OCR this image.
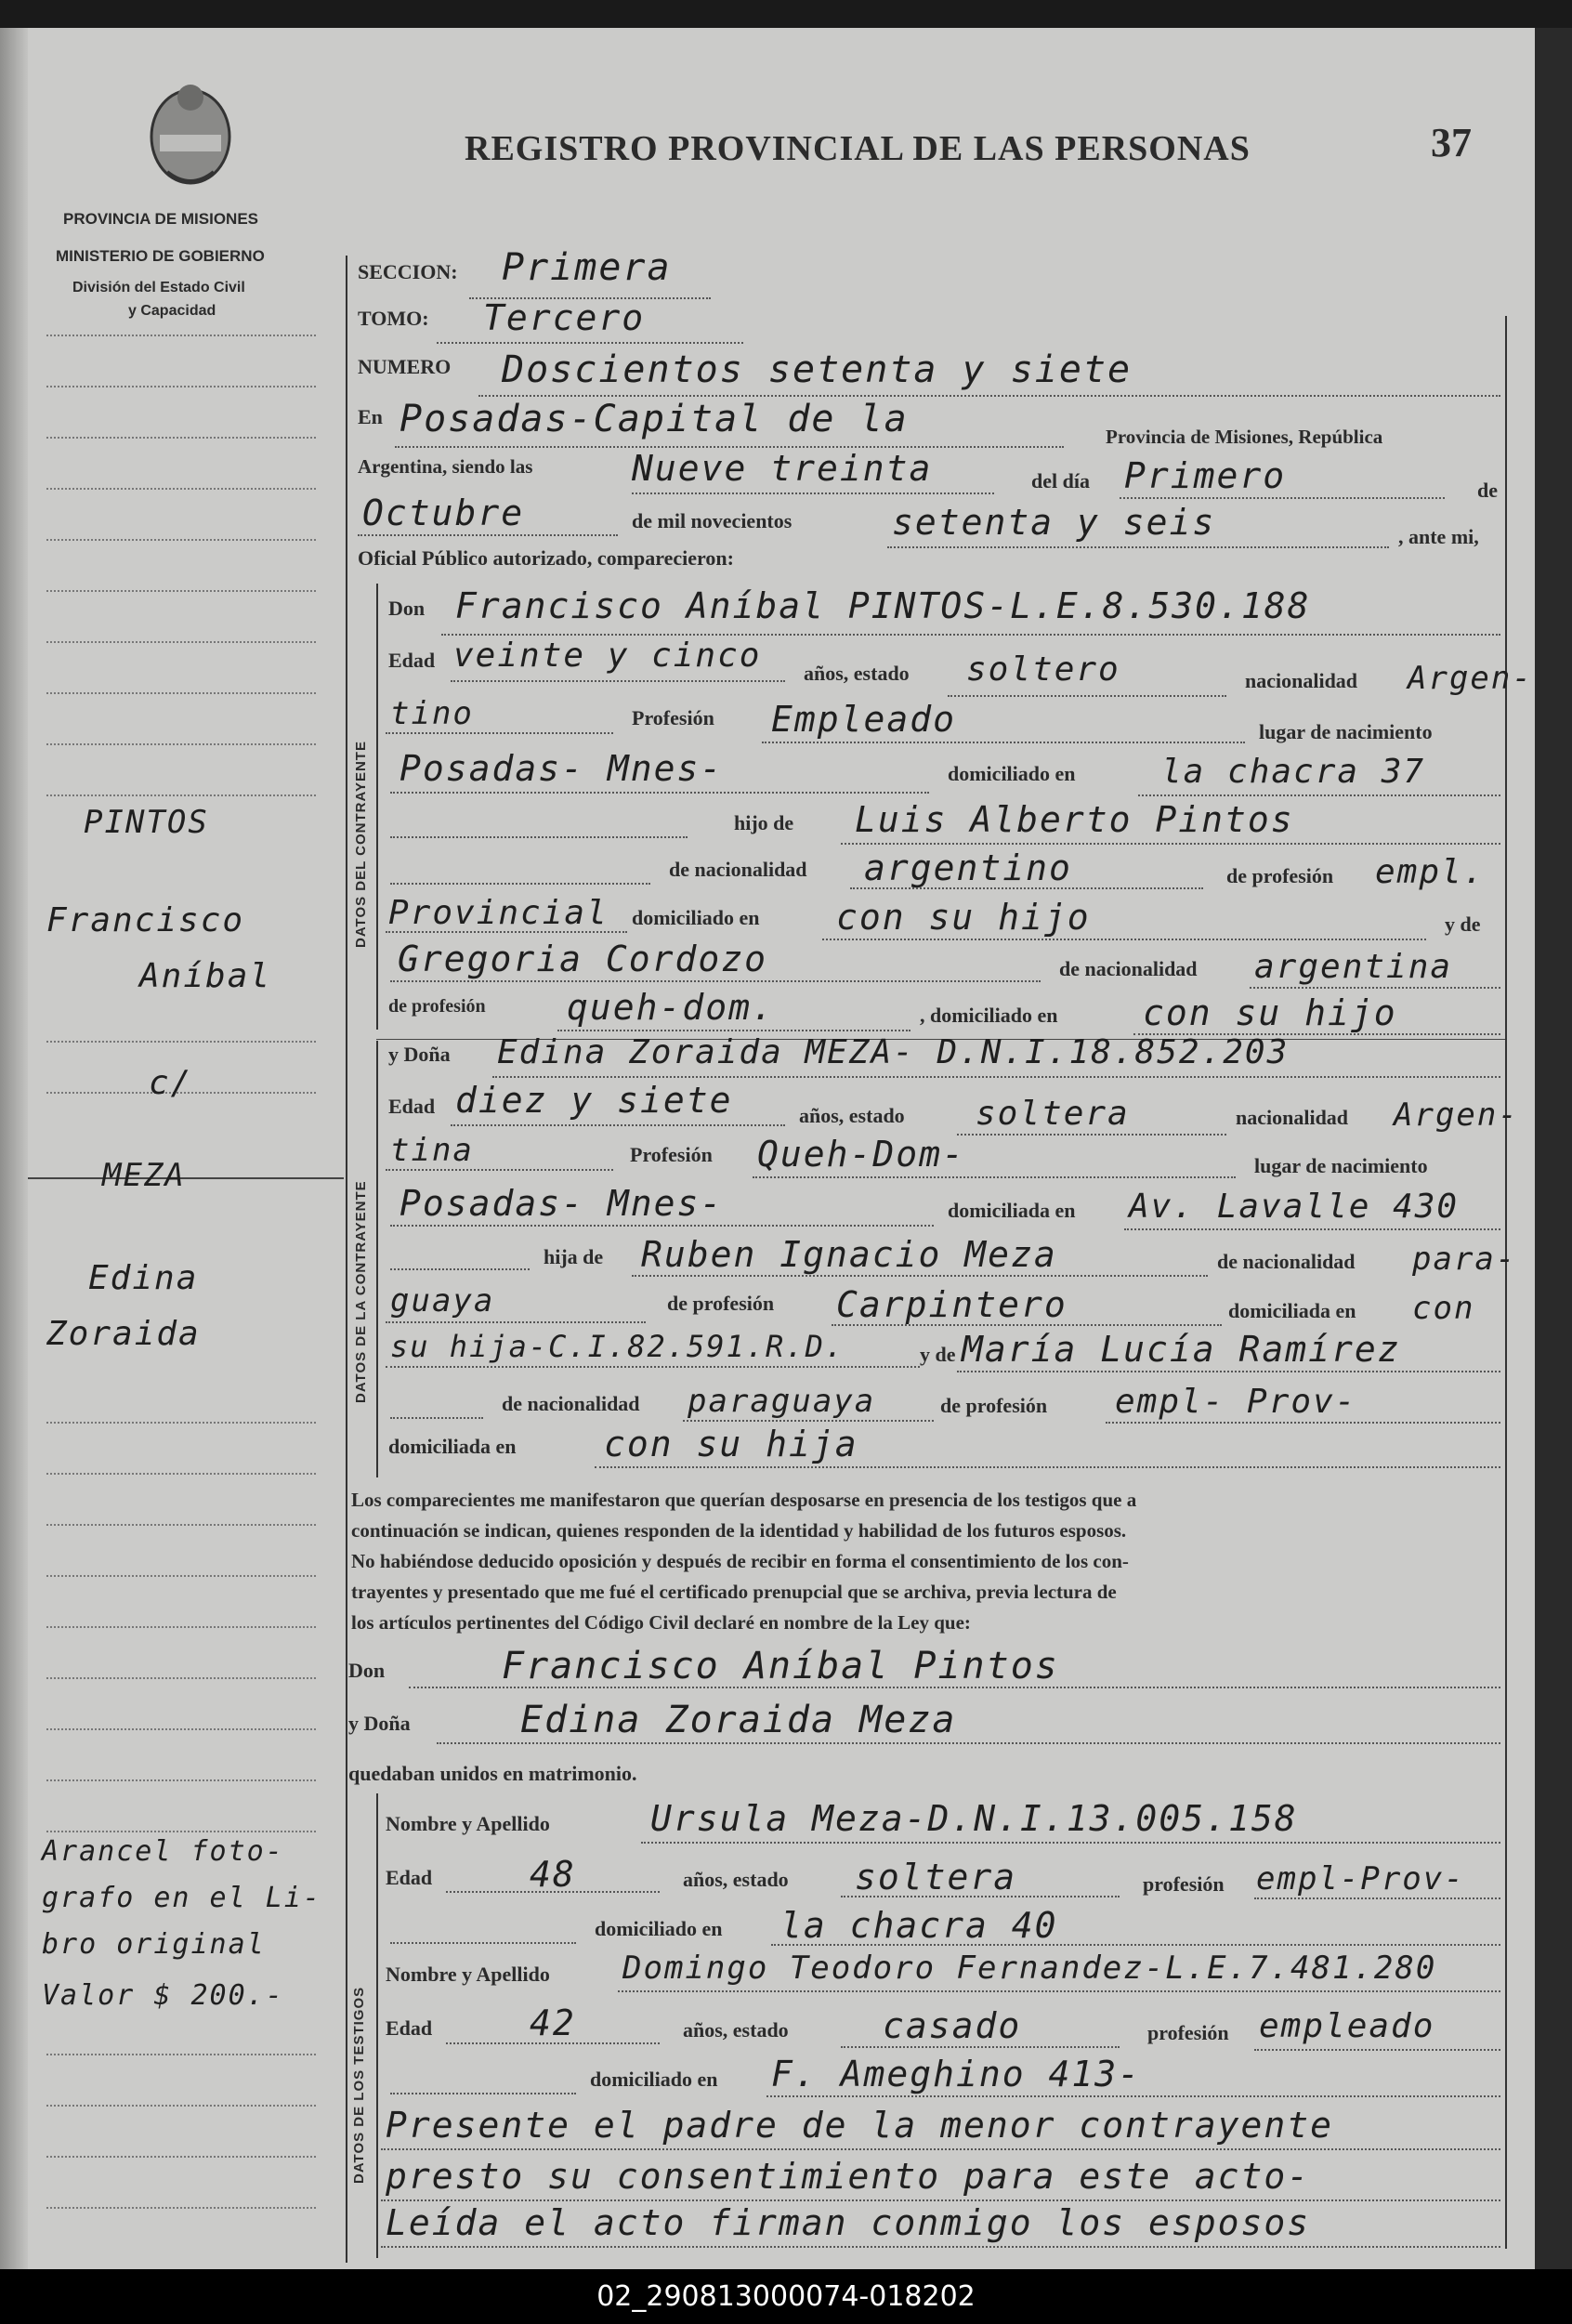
PROVINCIA DE MISIONES
MINISTERIO DE GOBIERNO
División del Estado Civil
y Capacidad
REGISTRO PROVINCIAL DE LAS PERSONAS	37
PINTOS
Francisco
Aníbal
c/
MEZA
Edina
Zoraida
Arancel foto-
grafo en el Li-
bro original
Valor $ 200.-
SECCION: Primera
TOMO: Tercero
NUMERO Doscientos setenta y siete
En Posadas-Capital de la	Provincia de Misiones, República
Argentina, siendo las	Nueve treinta	del día Primero	de
Octubre	de mil novecientos	setenta y seis	, ante mi,
Oficial Público autorizado, comparecieron:
DATOS DEL CONTRAYENTE
Don Francisco Aníbal PINTOS-L.E.8.530.188
Edad veinte y cinco años, estado soltero	nacionalidad Argen-
tino	Profesión Empleado	lugar de nacimiento
Posadas- Mnes-	domiciliado en	la chacra 37
hijo de Luis Alberto Pintos
de nacionalidad argentino	de profesión empl.
Provincial domiciliado en con su hijo	y de
Gregoria Cordozo	de nacionalidad argentina
de profesión queh-dom.	, domiciliado en con su hijo
DATOS DE LA CONTRAYENTE
y Doña Edina Zoraida MEZA- D.N.I.18.852.203
Edad diez y siete	años, estado soltera	nacionalidad Argen-
tina	Profesión Queh-Dom-	lugar de nacimiento
Posadas- Mnes-	domiciliada en Av. Lavalle 430
hija de Ruben Ignacio Meza	de nacionalidad para-
guaya	de profesión Carpintero	domiciliada en con
su hija-C.I.82.591.R.D.	y de María Lucía Ramírez
de nacionalidad paraguaya	de profesión empl- Prov-
domiciliada en con su hija
Los comparecientes me manifestaron que querían desposarse en presencia de los testigos que a
continuación se indican, quienes responden de la identidad y habilidad de los futuros esposos.
No habiéndose deducido oposición y después de recibir en forma el consentimiento de los con-
trayentes y presentado que me fué el certificado prenupcial que se archiva, previa lectura de
los artículos pertinentes del Código Civil declaré en nombre de la Ley que:
Don	Francisco Aníbal Pintos
y Doña	Edina Zoraida Meza
quedaban unidos en matrimonio.
DATOS DE LOS TESTIGOS
Nombre y Apellido	Ursula Meza-D.N.I.13.005.158
Edad	48	años, estado soltera	profesión empl-Prov-
domiciliado en la chacra 40
Nombre y Apellido Domingo Teodoro Fernandez-L.E.7.481.280
Edad	42	años, estado	casado	profesión empleado
domiciliado en F. Ameghino 413-
Presente el padre de la menor contrayente
presto su consentimiento para este acto-
Leída el acto firman conmigo los esposos
02_290813000074-018202
